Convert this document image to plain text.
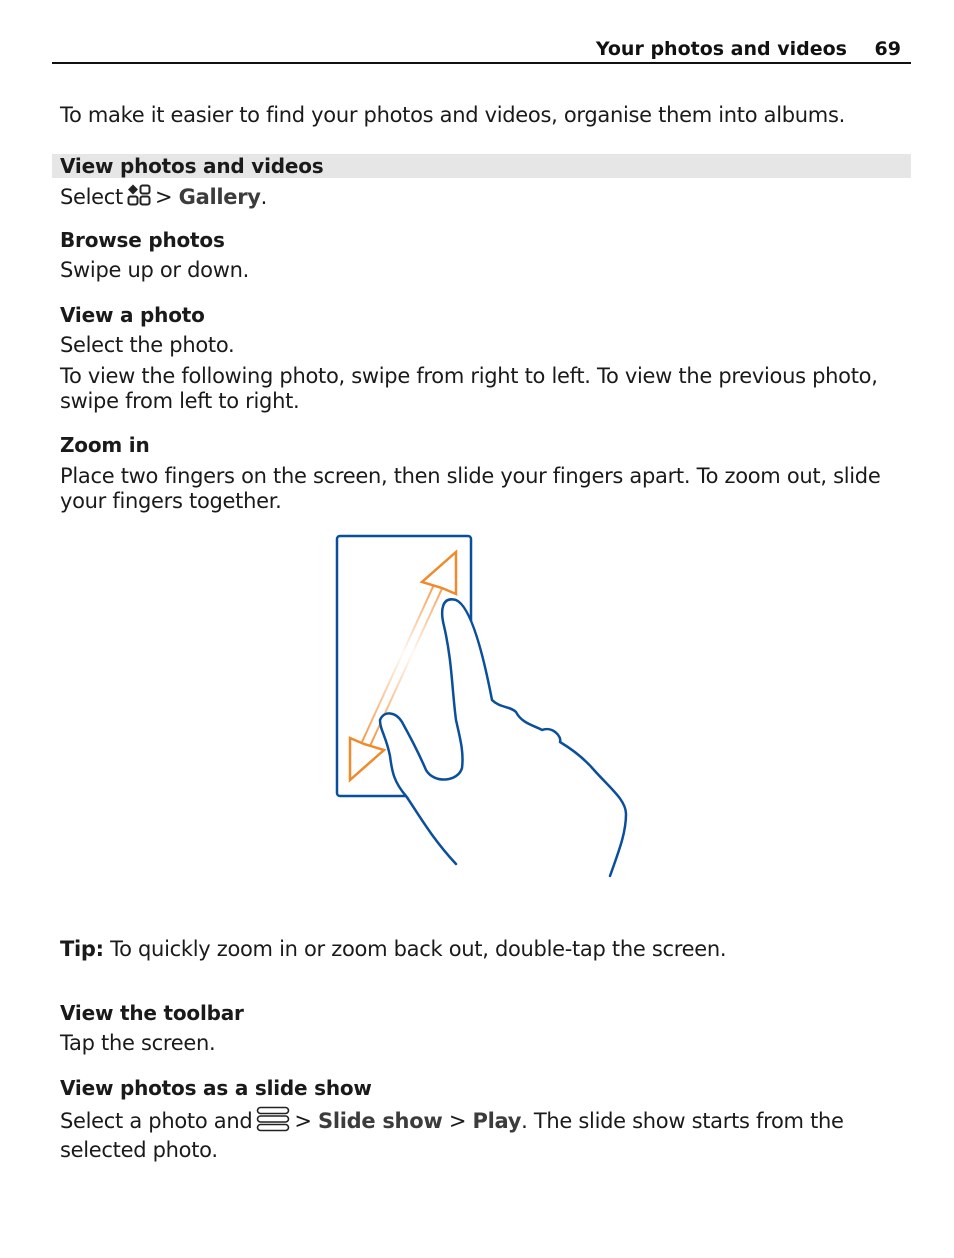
Your photos and videos 69

To make it easier to find your photos and videos, organise them into albums.

View photos and videos

Select > Gallery.

Browse photos

Swipe up or down.

View a photo

Select the photo.

To view the following photo, swipe from right to left. To view the previous photo, swipe from left to right.

Zoom in

Place two fingers on the screen, then slide your fingers apart. To zoom out, slide your fingers together.

Tip: To quickly zoom in or zoom back out, double-tap the screen.

View the toolbar

Tap the screen.

View photos as a slide show

Select a photo and > Slide show > Play. The slide show starts from the selected photo.
